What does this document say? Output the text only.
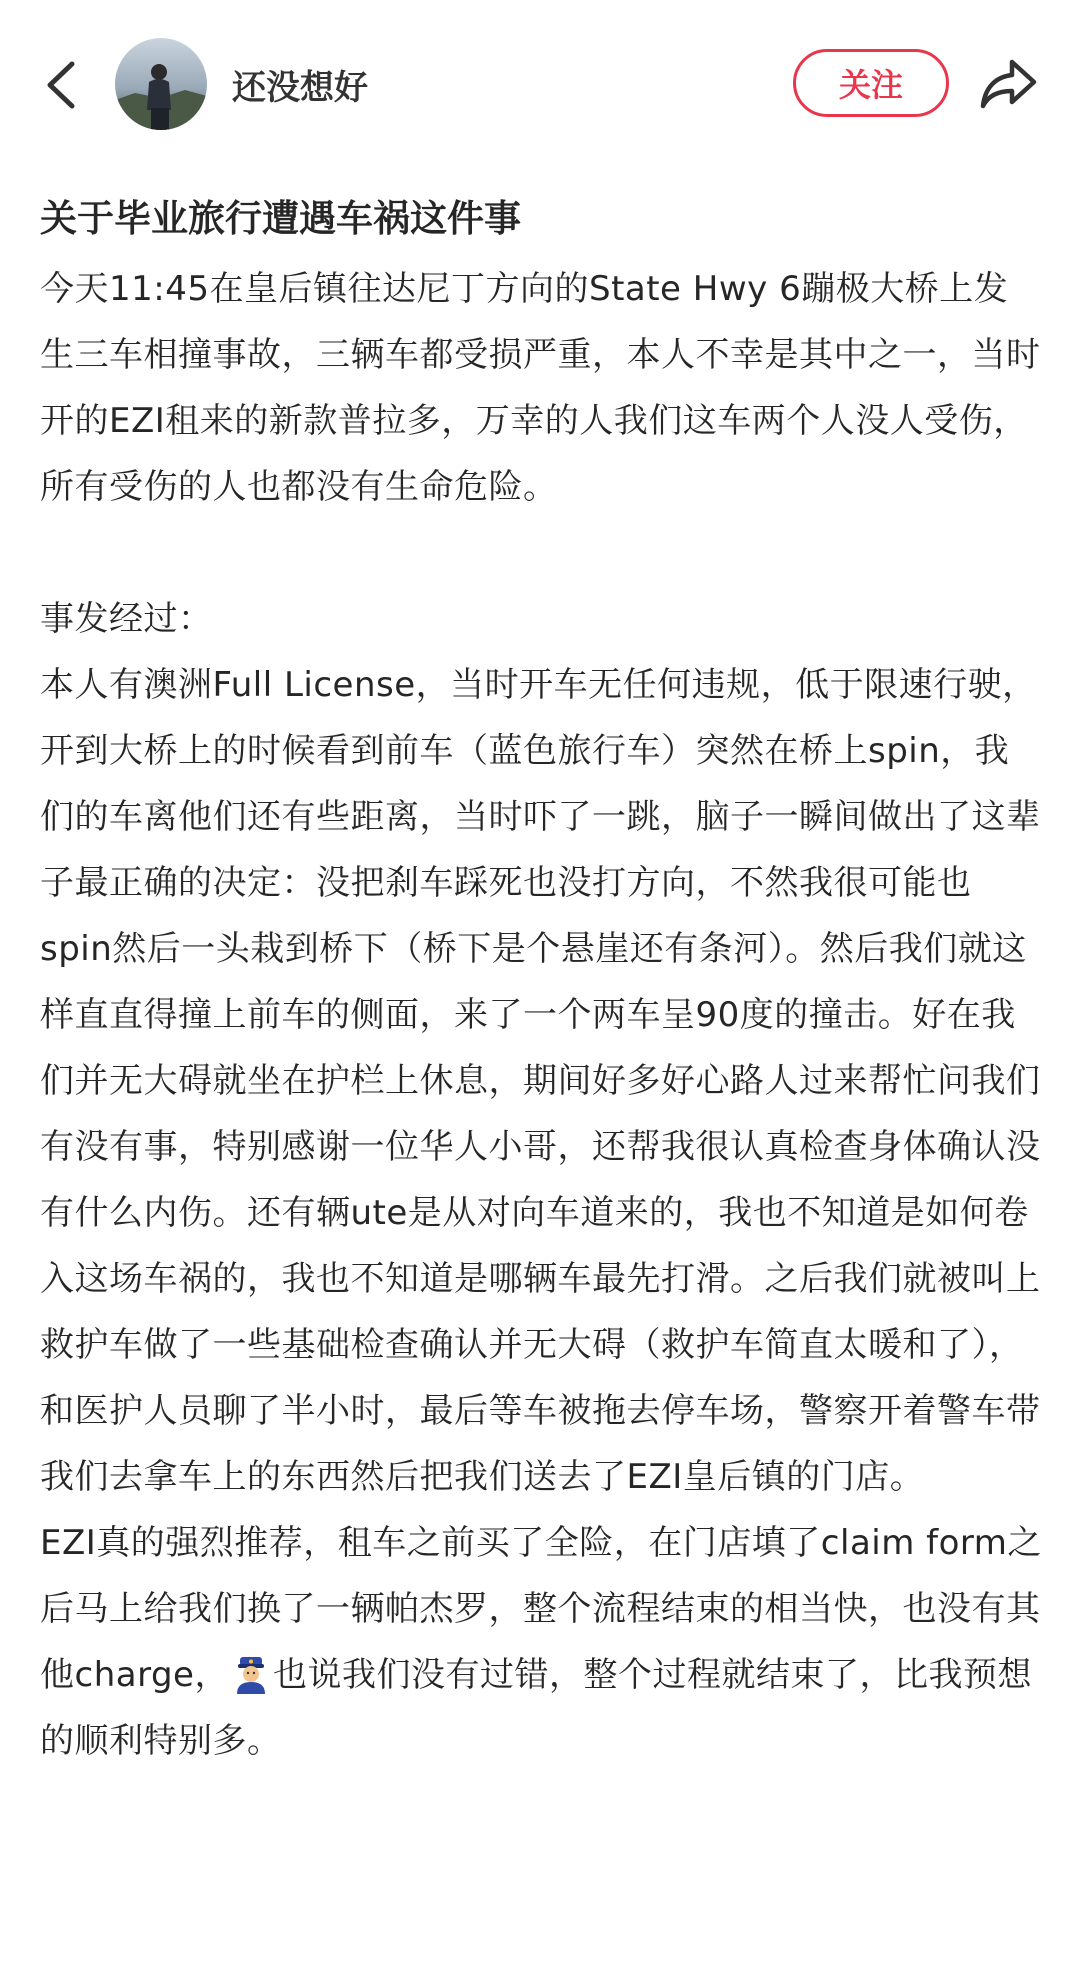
还没想好	关注
关于毕业旅行遭遇车祸这件事
今天11:45在皇后镇往达尼丁方向的State Hwy 6蹦极大桥上发生三车相撞事故，三辆车都受损严重，本人不幸是其中之一，当时开的EZI租来的新款普拉多，万幸的人我们这车两个人没人受伤，所有受伤的人也都没有生命危险。
事发经过：
本人有澳洲Full License，当时开车无任何违规，低于限速行驶，开到大桥上的时候看到前车（蓝色旅行车）突然在桥上spin，我们的车离他们还有些距离，当时吓了一跳，脑子一瞬间做出了这辈子最正确的决定：没把刹车踩死也没打方向，不然我很可能也spin然后一头栽到桥下（桥下是个悬崖还有条河）。然后我们就这样直直得撞上前车的侧面，来了一个两车呈90度的撞击。好在我们并无大碍就坐在护栏上休息，期间好多好心路人过来帮忙问我们有没有事，特别感谢一位华人小哥，还帮我很认真检查身体确认没有什么内伤。还有辆ute是从对向车道来的，我也不知道是如何卷入这场车祸的，我也不知道是哪辆车最先打滑。之后我们就被叫上救护车做了一些基础检查确认并无大碍（救护车简直太暖和了），和医护人员聊了半小时，最后等车被拖去停车场，警察开着警车带我们去拿车上的东西然后把我们送去了EZI皇后镇的门店。
EZI真的强烈推荐，租车之前买了全险，在门店填了claim form之后马上给我们换了一辆帕杰罗，整个流程结束的相当快，也没有其他charge， 也说我们没有过错，整个过程就结束了，比我预想的顺利特别多。
